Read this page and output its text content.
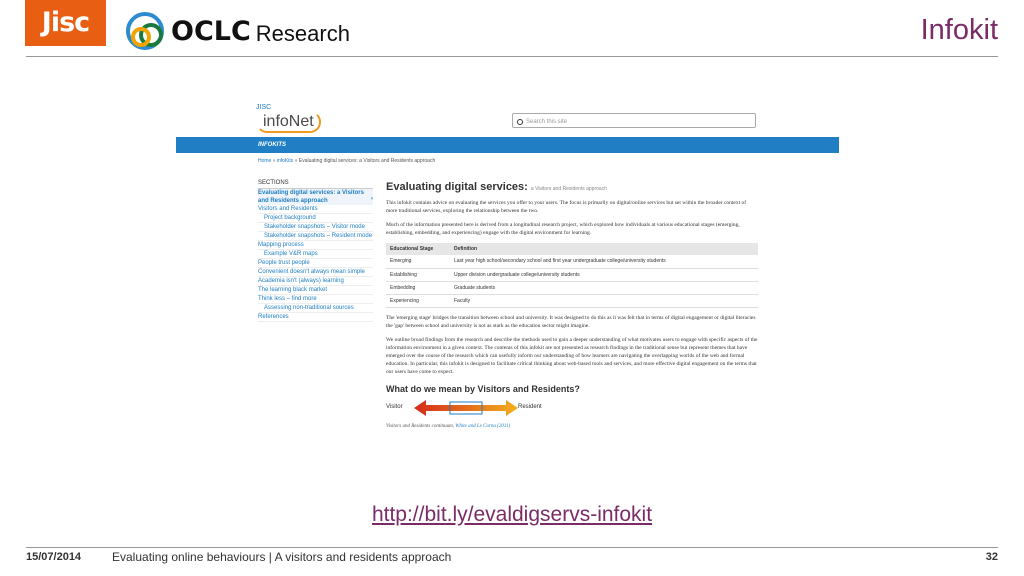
Jisc	OCLC Research	Infokit
JISC
infoNet	Search this site
INFOKITS
Home » infoKits » Evaluating digital services: a Visitors and Residents approach
SECTIONS
Evaluating digital services: a Visitors and Residents approach	›
Visitors and Residents
Project background
Stakeholder snapshots – Visitor mode
Stakeholder snapshots – Resident mode
Mapping process
Example V&R maps
People trust people
Convenient doesn't always mean simple
Academia isn't (always) learning
The learning black market
Think less – find more
Assessing non-traditional sources
References
Evaluating digital services: a Visitors and Residents approach

This infokit contains advice on evaluating the services you offer to your users. The focus is primarily on digital/online services but set within the broader context of more traditional services, exploring the relationship between the two.

Much of the information presented here is derived from a longitudinal research project, which explored how individuals at various educational stages (emerging, establishing, embedding, and experiencing) engage with the digital environment for learning.

Educational Stage	Definition
Emerging	Last year high school/secondary school and first year undergraduate college/university students
Establishing	Upper division undergraduate college/university students
Embedding	Graduate students
Experiencing	Faculty

The 'emerging stage' bridges the transition between school and university. It was designed to do this as it was felt that in terms of digital engagement or digital literacies the 'gap' between school and university is not as stark as the education sector might imagine.

We outline broad findings from the research and describe the methods used to gain a deeper understanding of what motivates users to engage with specific aspects of the information environment in a given context. The contents of this infokit are not presented as research findings in the traditional sense but represent themes that have emerged over the course of the research which can usefully inform our understanding of how learners are navigating the overlapping worlds of the web and formal education. In particular, this infokit is designed to facilitate critical thinking about web-based tools and services, and more effective digital engagement on the terms that our users have come to expect.

What do we mean by Visitors and Residents?
Visitor	Resident
Visitors and Residents continuum, White and Le Cornu (2011)
http://bit.ly/evaldigservs-infokit
15/07/2014	Evaluating online behaviours | A visitors and residents approach	32
